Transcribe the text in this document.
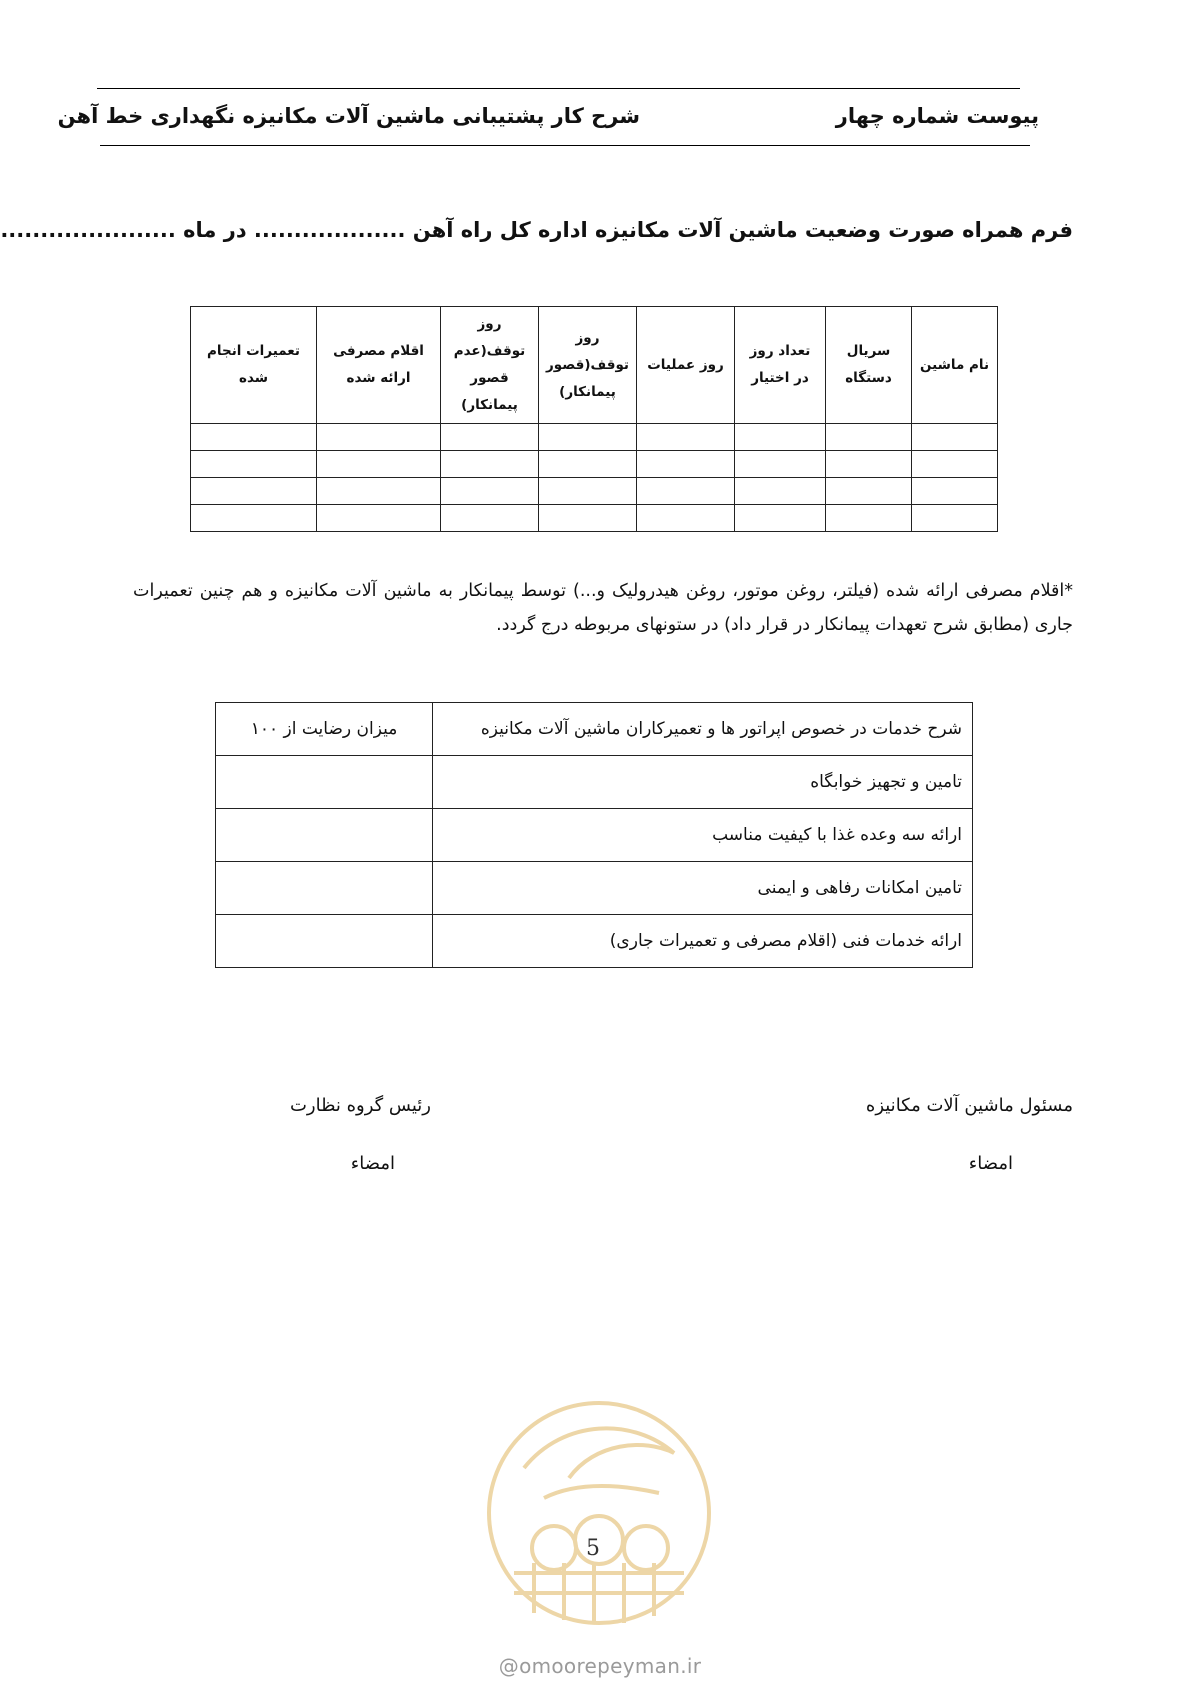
پیوست شماره چهار
شرح کار پشتیبانی ماشین آلات مکانیزه نگهداری خط آهن
فرم همراه صورت وضعیت ماشین آلات مکانیزه اداره کل راه آهن ................... در ماه ......................
نام ماشین	سریال دستگاه	تعداد روز در اختیار	روز عملیات	روز توقف(قصور پیمانکار)	روز توقف(عدم قصور پیمانکار)	اقلام مصرفی ارائه شده	تعمیرات انجام شده

*اقلام مصرفی ارائه شده (فیلتر، روغن موتور، روغن هیدرولیک و...) توسط پیمانکار به ماشین آلات مکانیزه و هم چنین تعمیرات جاری (مطابق شرح تعهدات پیمانکار در قرار داد) در ستونهای مربوطه درج گردد.
شرح خدمات در خصوص اپراتور ها و تعمیرکاران ماشین آلات مکانیزه	میزان رضایت از ۱۰۰
تامین و تجهیز خوابگاه	
ارائه سه وعده غذا با کیفیت مناسب	
تامین امکانات رفاهی و ایمنی	
ارائه خدمات فنی (اقلام مصرفی و تعمیرات جاری)	
مسئول ماشین آلات مکانیزه
رئیس گروه نظارت
امضاء
امضاء
5
@omoorepeyman.ir
